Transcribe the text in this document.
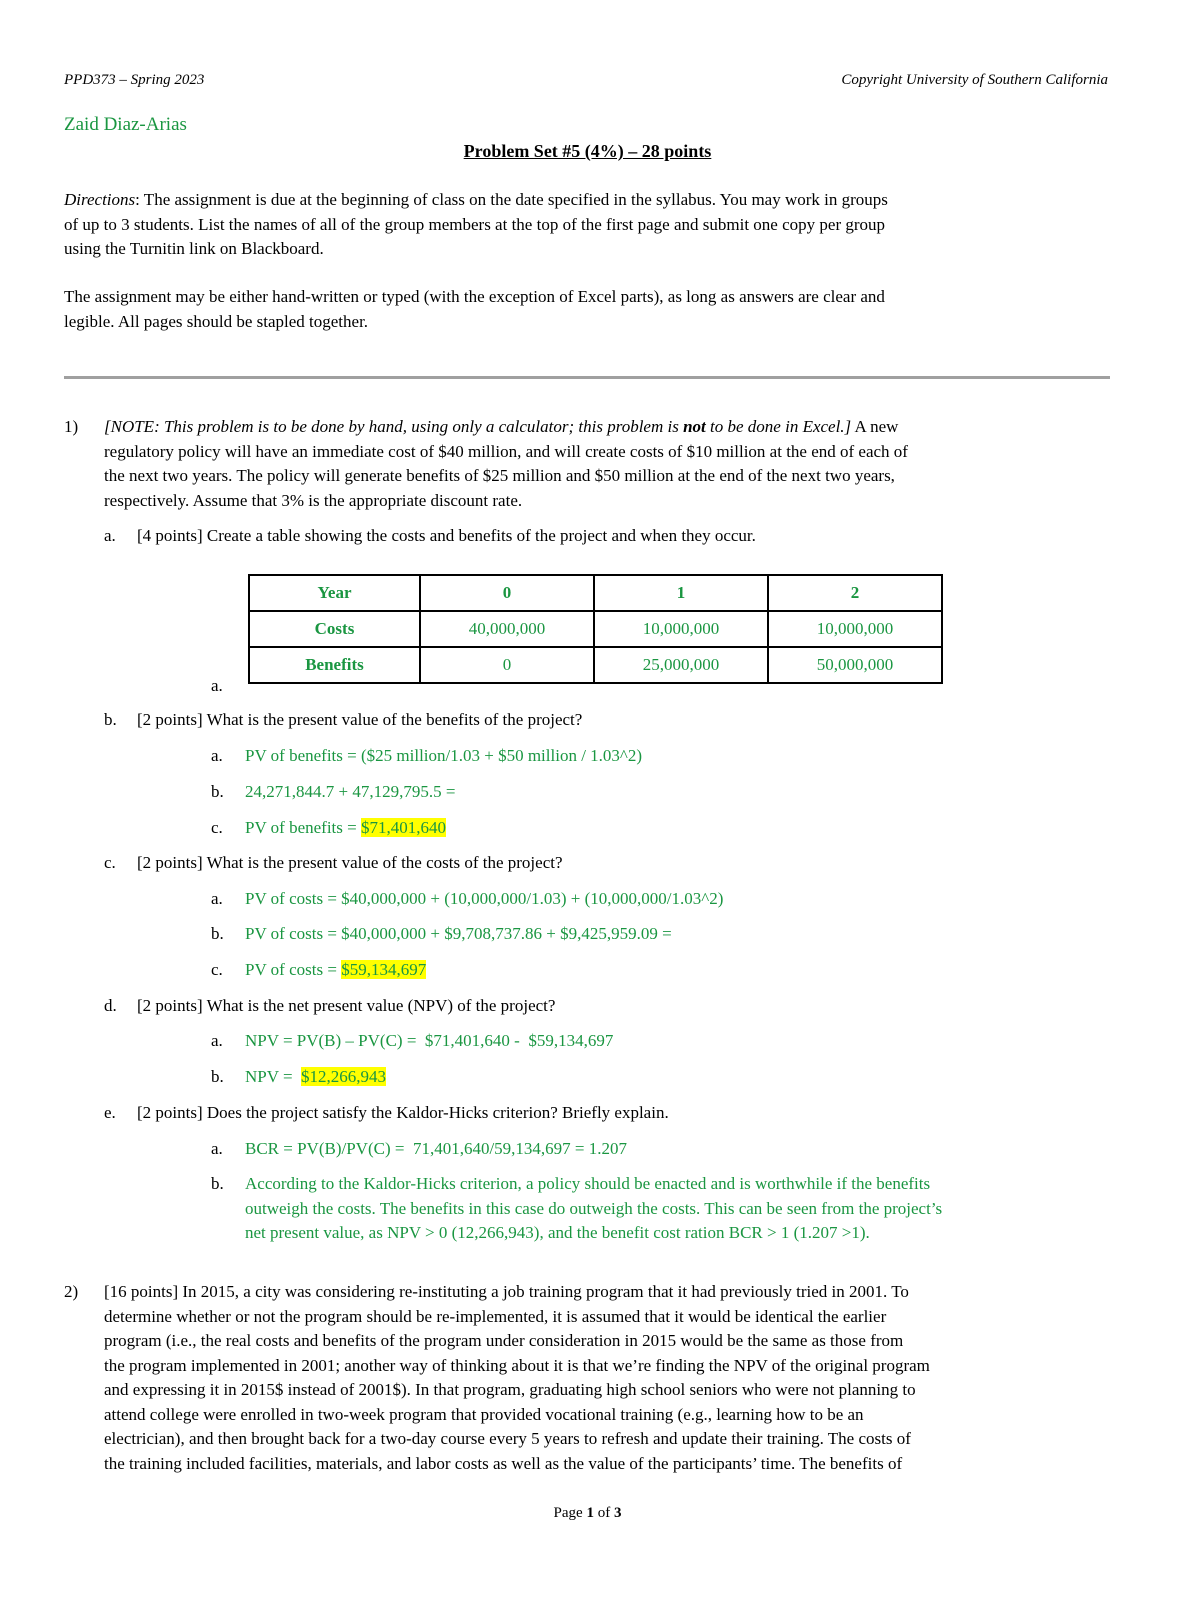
PPD373 – Spring 2023	Copyright University of Southern California
Zaid Diaz-Arias
Problem Set #5 (4%) – 28 points
Directions: The assignment is due at the beginning of class on the date specified in the syllabus. You may work in groups
of up to 3 students. List the names of all of the group members at the top of the first page and submit one copy per group
using the Turnitin link on Blackboard.
The assignment may be either hand-written or typed (with the exception of Excel parts), as long as answers are clear and
legible. All pages should be stapled together.
1) [NOTE: This problem is to be done by hand, using only a calculator; this problem is not to be done in Excel.] A new
regulatory policy will have an immediate cost of $40 million, and will create costs of $10 million at the end of each of
the next two years. The policy will generate benefits of $25 million and $50 million at the end of the next two years,
respectively. Assume that 3% is the appropriate discount rate.
a. [4 points] Create a table showing the costs and benefits of the project and when they occur.
Year	0	1	2
Costs	40,000,000	10,000,000	10,000,000
Benefits	0	25,000,000	50,000,000
a.
b. [2 points] What is the present value of the benefits of the project?
a. PV of benefits = ($25 million/1.03 + $50 million / 1.03^2)
b. 24,271,844.7 + 47,129,795.5 =
c. PV of benefits = $71,401,640
c. [2 points] What is the present value of the costs of the project?
a. PV of costs = $40,000,000 + (10,000,000/1.03) + (10,000,000/1.03^2)
b. PV of costs = $40,000,000 + $9,708,737.86 + $9,425,959.09 =
c. PV of costs = $59,134,697
d. [2 points] What is the net present value (NPV) of the project?
a. NPV = PV(B) – PV(C) =  $71,401,640 -  $59,134,697
b. NPV =  $12,266,943
e. [2 points] Does the project satisfy the Kaldor-Hicks criterion? Briefly explain.
a. BCR = PV(B)/PV(C) =  71,401,640/59,134,697 = 1.207
b. According to the Kaldor-Hicks criterion, a policy should be enacted and is worthwhile if the benefits
outweigh the costs. The benefits in this case do outweigh the costs. This can be seen from the project’s
net present value, as NPV > 0 (12,266,943), and the benefit cost ration BCR > 1 (1.207 >1).
2) [16 points] In 2015, a city was considering re-instituting a job training program that it had previously tried in 2001. To
determine whether or not the program should be re-implemented, it is assumed that it would be identical the earlier
program (i.e., the real costs and benefits of the program under consideration in 2015 would be the same as those from
the program implemented in 2001; another way of thinking about it is that we’re finding the NPV of the original program
and expressing it in 2015$ instead of 2001$). In that program, graduating high school seniors who were not planning to
attend college were enrolled in two-week program that provided vocational training (e.g., learning how to be an
electrician), and then brought back for a two-day course every 5 years to refresh and update their training. The costs of
the training included facilities, materials, and labor costs as well as the value of the participants’ time. The benefits of
Page 1 of 3
